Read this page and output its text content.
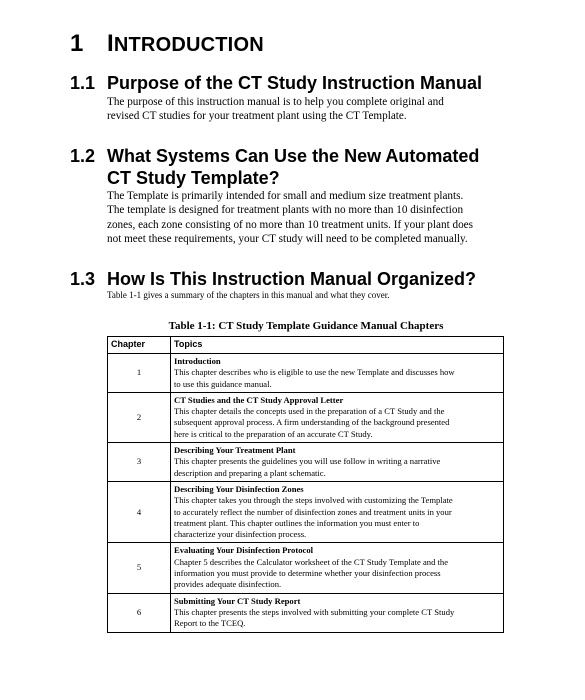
1 INTRODUCTION
1.1 Purpose of the CT Study Instruction Manual
The purpose of this instruction manual is to help you complete original and
revised CT studies for your treatment plant using the CT Template.
1.2 What Systems Can Use the New Automated
CT Study Template?
The Template is primarily intended for small and medium size treatment plants.
The template is designed for treatment plants with no more than 10 disinfection
zones, each zone consisting of no more than 10 treatment units. If your plant does
not meet these requirements, your CT study will need to be completed manually.
1.3 How Is This Instruction Manual Organized?
Table 1-1 gives a summary of the chapters in this manual and what they cover.
Table 1-1: CT Study Template Guidance Manual Chapters
Chapter	Topics
1	Introduction
This chapter describes who is eligible to use the new Template and discusses how
to use this guidance manual.

2	CT Studies and the CT Study Approval Letter
This chapter details the concepts used in the preparation of a CT Study and the
subsequent approval process. A firm understanding of the background presented
here is critical to the preparation of an accurate CT Study.

3	Describing Your Treatment Plant
This chapter presents the guidelines you will use follow in writing a narrative
description and preparing a plant schematic.

4	Describing Your Disinfection Zones
This chapter takes you through the steps involved with customizing the Template
to accurately reflect the number of disinfection zones and treatment units in your
treatment plant. This chapter outlines the information you must enter to
characterize your disinfection process.

5	Evaluating Your Disinfection Protocol
Chapter 5 describes the Calculator worksheet of the CT Study Template and the
information you must provide to determine whether your disinfection process
provides adequate disinfection.

6	Submitting Your CT Study Report
This chapter presents the steps involved with submitting your complete CT Study
Report to the TCEQ.
